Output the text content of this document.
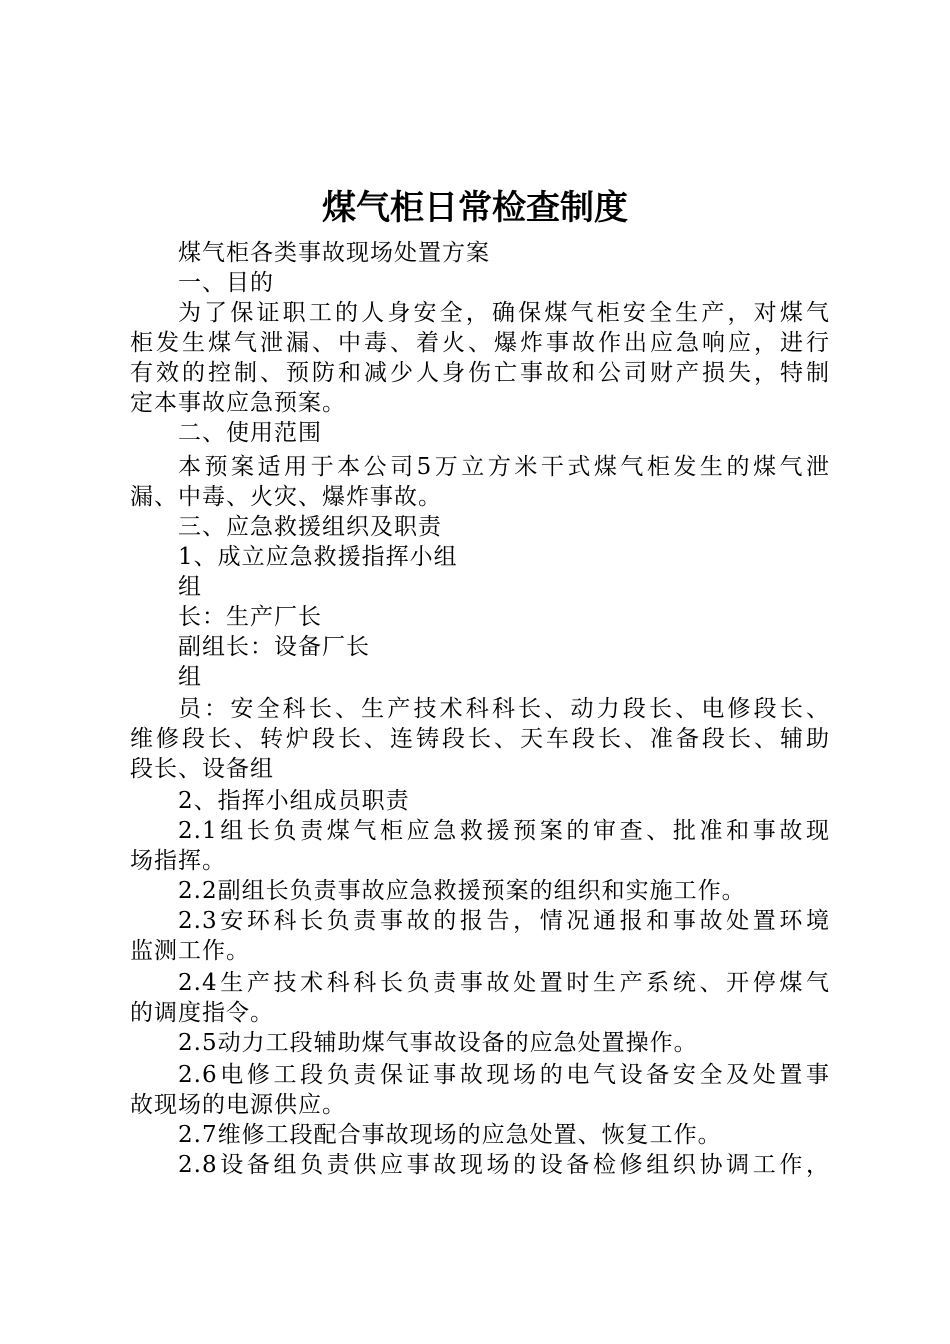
煤气柜日常检查制度
煤气柜各类事故现场处置方案
一、目的
为了保证职工的人身安全，确保煤气柜安全生产，对煤气
柜发生煤气泄漏、中毒、着火、爆炸事故作出应急响应，进行
有效的控制、预防和减少人身伤亡事故和公司财产损失，特制
定本事故应急预案。
二、使用范围
本预案适用于本公司5万立方米干式煤气柜发生的煤气泄
漏、中毒、火灾、爆炸事故。
三、应急救援组织及职责
1、成立应急救援指挥小组
组
长：生产厂长
副组长：设备厂长
组
员：安全科长、生产技术科科长、动力段长、电修段长、
维修段长、转炉段长、连铸段长、天车段长、准备段长、辅助
段长、设备组
2、指挥小组成员职责
2.1组长负责煤气柜应急救援预案的审查、批准和事故现
场指挥。
2.2副组长负责事故应急救援预案的组织和实施工作。
2.3安环科长负责事故的报告，情况通报和事故处置环境
监测工作。
2.4生产技术科科长负责事故处置时生产系统、开停煤气
的调度指令。
2.5动力工段辅助煤气事故设备的应急处置操作。
2.6电修工段负责保证事故现场的电气设备安全及处置事
故现场的电源供应。
2.7维修工段配合事故现场的应急处置、恢复工作。
2.8设备组负责供应事故现场的设备检修组织协调工作，
